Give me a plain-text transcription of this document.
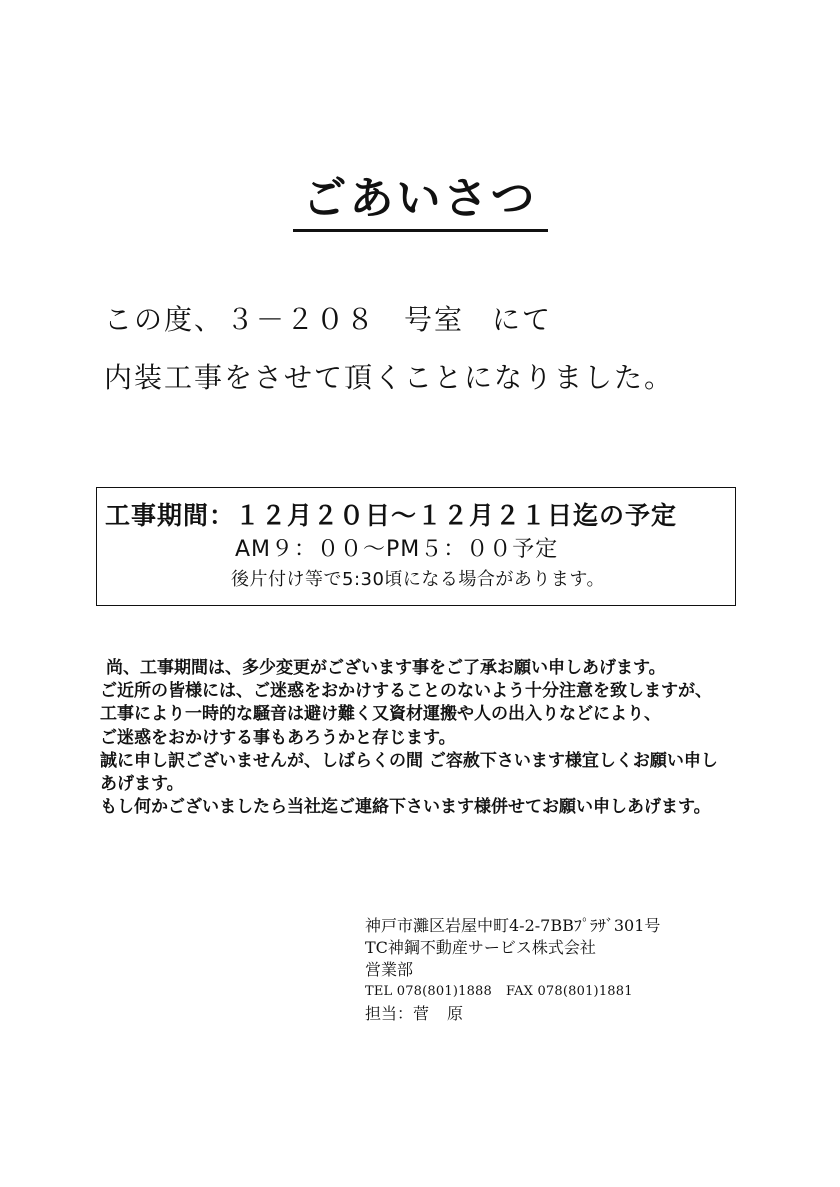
ごあいさつ
この度、３－２０８ 号室 にて
内装工事をさせて頂くことになりました。
工事期間：１２月２０日～１２月２１日迄の予定
AM９：００～PM５：００予定
後片付け等で5:30頃になる場合があります。
尚、工事期間は、多少変更がございます事をご了承お願い申しあげます。
ご近所の皆様には、ご迷惑をおかけすることのないよう十分注意を致しますが、
工事により一時的な騒音は避け難く又資材運搬や人の出入りなどにより、
ご迷惑をおかけする事もあろうかと存じます。
誠に申し訳ございませんが、しばらくの間 ご容赦下さいます様宜しくお願い申し
あげます。
もし何かございましたら当社迄ご連絡下さいます様併せてお願い申しあげます。
神戸市灘区岩屋中町4-2-7BBﾌﾟﾗｻﾞ301号
TC神鋼不動産サービス株式会社
営業部
TEL 078(801)1888 FAX 078(801)1881
担当：菅 原
